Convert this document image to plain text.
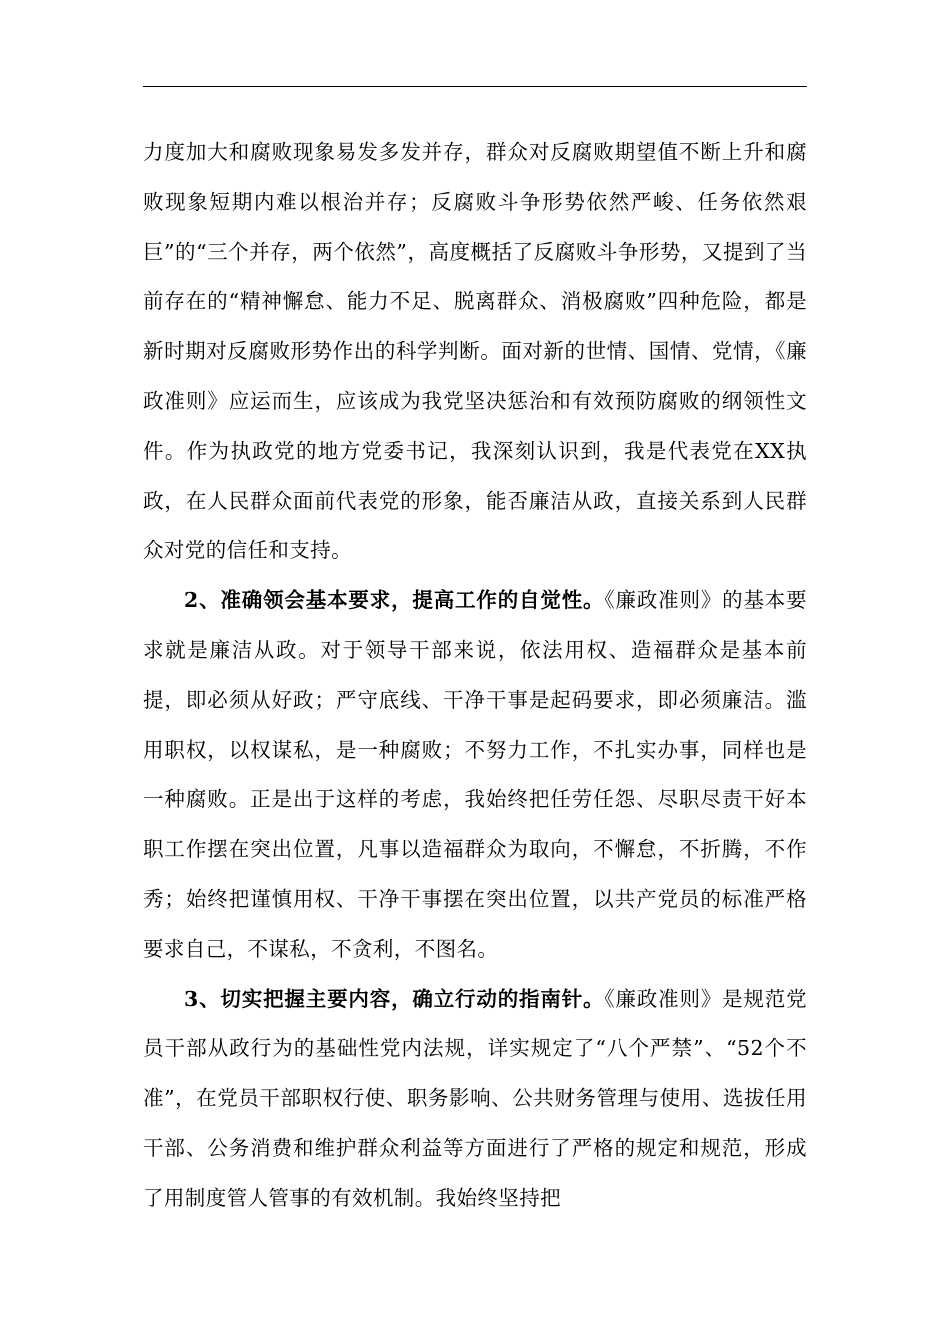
力度加大和腐败现象易发多发并存，群众对反腐败期望值不断上升和腐败现象短期内难以根治并存；反腐败斗争形势依然严峻、任务依然艰巨”的“三个并存，两个依然”，高度概括了反腐败斗争形势，又提到了当前存在的“精神懈怠、能力不足、脱离群众、消极腐败”四种危险，都是新时期对反腐败形势作出的科学判断。面对新的世情、国情、党情，《廉政准则》应运而生，应该成为我党坚决惩治和有效预防腐败的纲领性文件。作为执政党的地方党委书记，我深刻认识到，我是代表党在XX执政，在人民群众面前代表党的形象，能否廉洁从政，直接关系到人民群众对党的信任和支持。

2、准确领会基本要求，提高工作的自觉性。《廉政准则》的基本要求就是廉洁从政。对于领导干部来说，依法用权、造福群众是基本前提，即必须从好政；严守底线、干净干事是起码要求，即必须廉洁。滥用职权，以权谋私，是一种腐败；不努力工作，不扎实办事，同样也是一种腐败。正是出于这样的考虑，我始终把任劳任怨、尽职尽责干好本职工作摆在突出位置，凡事以造福群众为取向，不懈怠，不折腾，不作秀；始终把谨慎用权、干净干事摆在突出位置，以共产党员的标准严格要求自己，不谋私，不贪利，不图名。

3、切实把握主要内容，确立行动的指南针。《廉政准则》是规范党员干部从政行为的基础性党内法规，详实规定了“八个严禁”、“52个不准”，在党员干部职权行使、职务影响、公共财务管理与使用、选拔任用干部、公务消费和维护群众利益等方面进行了严格的规定和规范，形成了用制度管人管事的有效机制。我始终坚持把
